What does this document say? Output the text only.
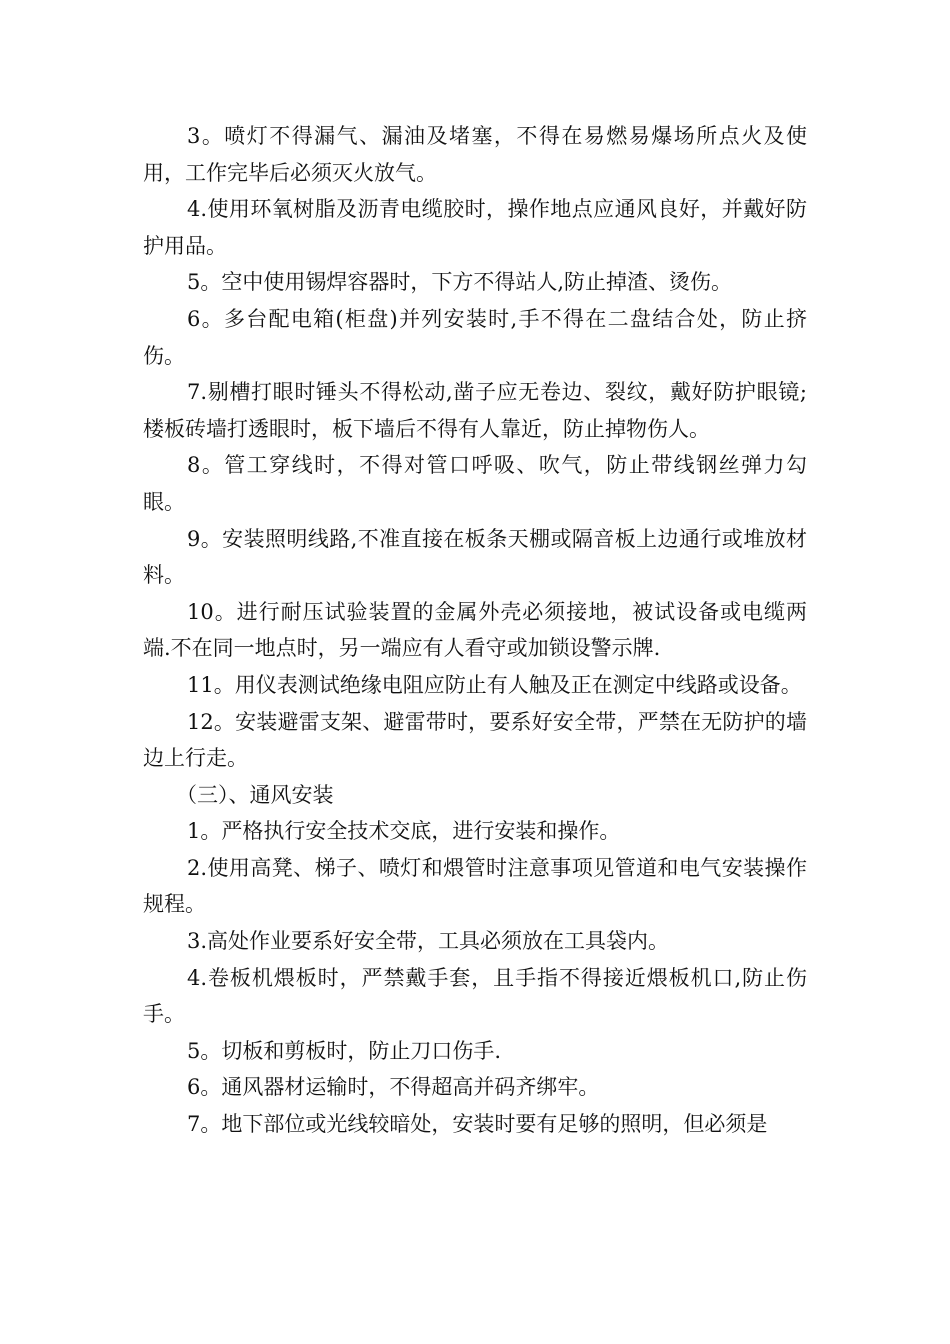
3。喷灯不得漏气、漏油及堵塞，不得在易燃易爆场所点火及使用，工作完毕后必须灭火放气。

4.使用环氧树脂及沥青电缆胶时，操作地点应通风良好，并戴好防护用品。

5。空中使用锡焊容器时，下方不得站人,防止掉渣、烫伤。

6。多台配电箱(柜盘)并列安装时,手不得在二盘结合处，防止挤伤。

7.剔槽打眼时锤头不得松动,凿子应无卷边、裂纹，戴好防护眼镜;楼板砖墙打透眼时，板下墙后不得有人靠近，防止掉物伤人。

8。管工穿线时，不得对管口呼吸、吹气，防止带线钢丝弹力勾眼。

9。安装照明线路,不准直接在板条天棚或隔音板上边通行或堆放材料。

10。进行耐压试验装置的金属外壳必须接地，被试设备或电缆两端.不在同一地点时，另一端应有人看守或加锁设警示牌.

11。用仪表测试绝缘电阻应防止有人触及正在测定中线路或设备。

12。安装避雷支架、避雷带时，要系好安全带，严禁在无防护的墙边上行走。

（三）、通风安装

1。严格执行安全技术交底，进行安装和操作。

2.使用高凳、梯子、喷灯和煨管时注意事项见管道和电气安装操作规程。

3.高处作业要系好安全带，工具必须放在工具袋内。

4.卷板机煨板时，严禁戴手套，且手指不得接近煨板机口,防止伤手。

5。切板和剪板时，防止刀口伤手.

6。通风器材运输时，不得超高并码齐绑牢。

7。地下部位或光线较暗处，安装时要有足够的照明，但必须是
